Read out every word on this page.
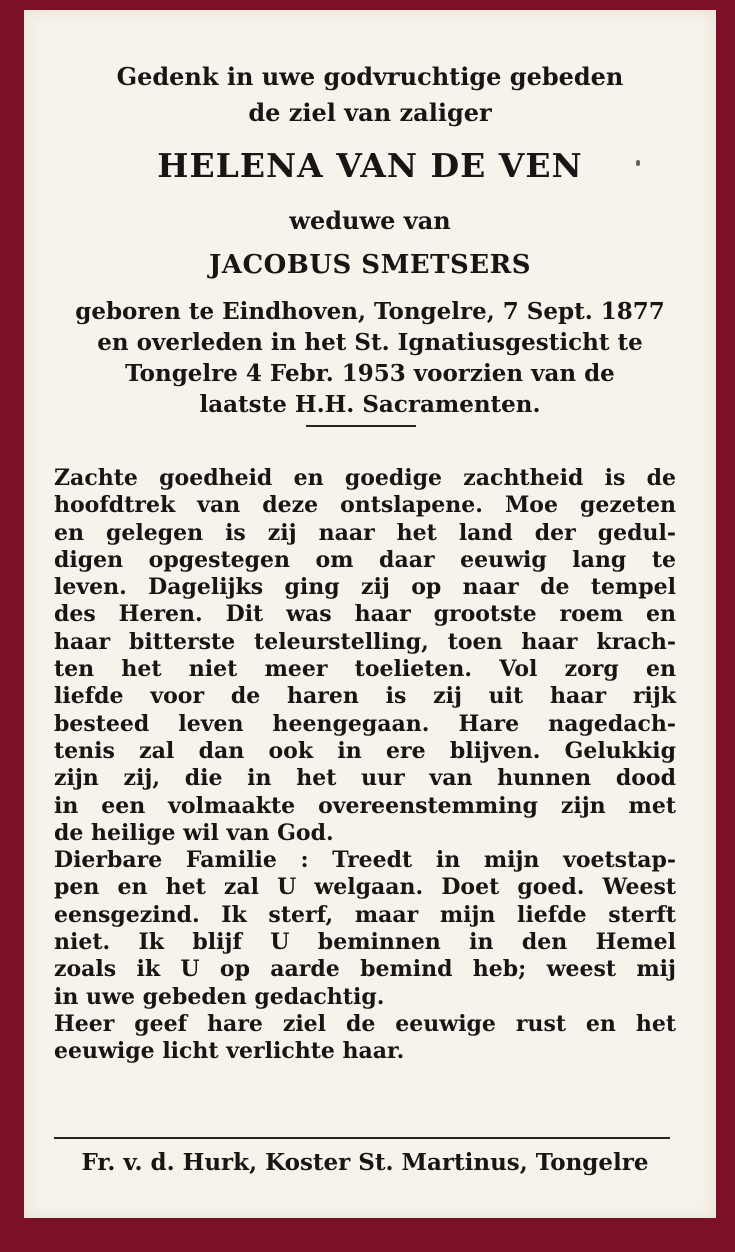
Gedenk in uwe godvruchtige gebeden
de ziel van zaliger
HELENA VAN DE VEN
weduwe van
JACOBUS SMETSERS
geboren te Eindhoven, Tongelre, 7 Sept. 1877
en overleden in het St. Ignatiusgesticht te
Tongelre 4 Febr. 1953 voorzien van de
laatste H.H. Sacramenten.
Zachte goedheid en goedige zachtheid is de
hoofdtrek van deze ontslapene. Moe gezeten
en gelegen is zij naar het land der gedul-
digen opgestegen om daar eeuwig lang te
leven. Dagelijks ging zij op naar de tempel
des Heren. Dit was haar grootste roem en
haar bitterste teleurstelling, toen haar krach-
ten het niet meer toelieten. Vol zorg en
liefde voor de haren is zij uit haar rijk
besteed leven heengegaan. Hare nagedach-
tenis zal dan ook in ere blijven. Gelukkig
zijn zij, die in het uur van hunnen dood
in een volmaakte overeenstemming zijn met
de heilige wil van God.
Dierbare Familie : Treedt in mijn voetstap-
pen en het zal U welgaan. Doet goed. Weest
eensgezind. Ik sterf, maar mijn liefde sterft
niet. Ik blijf U beminnen in den Hemel
zoals ik U op aarde bemind heb; weest mij
in uwe gebeden gedachtig.
Heer geef hare ziel de eeuwige rust en het
eeuwige licht verlichte haar.
Fr. v. d. Hurk, Koster St. Martinus, Tongelre
